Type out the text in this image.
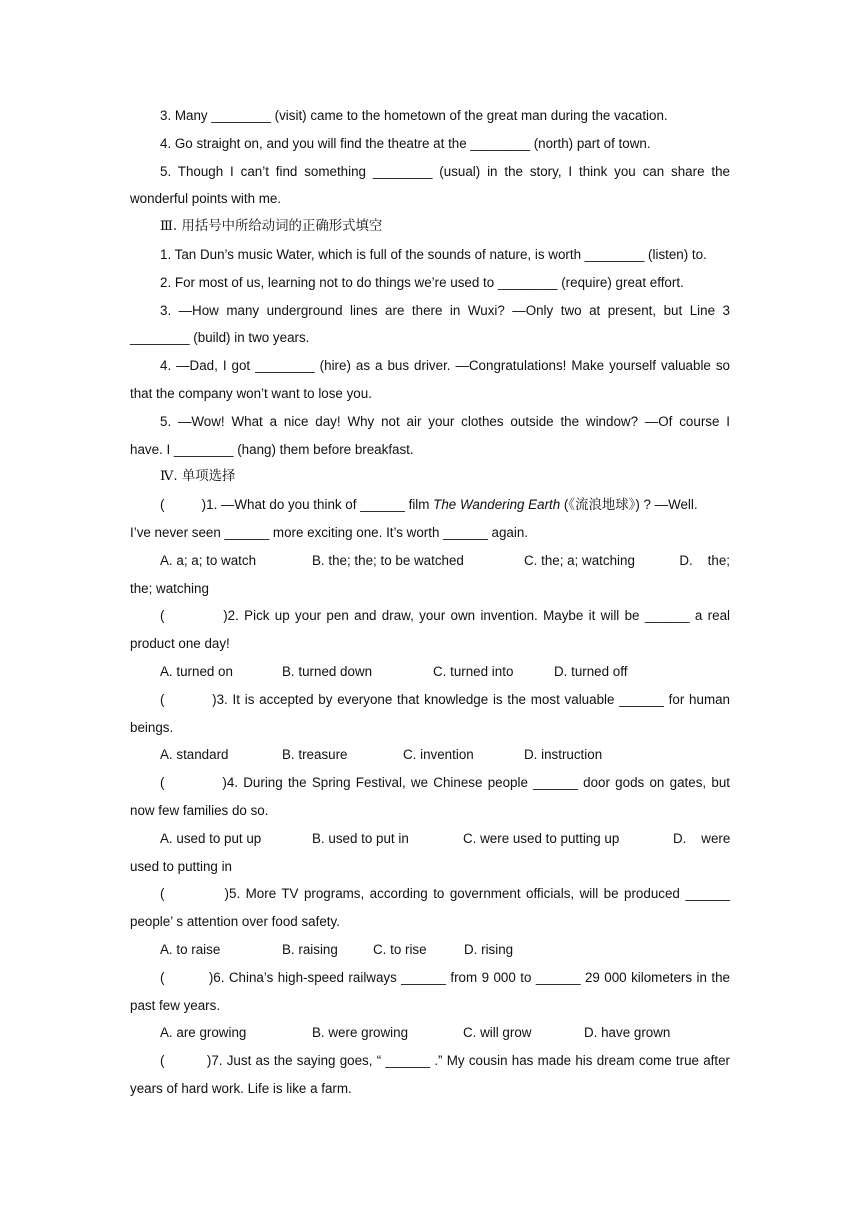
3. Many ________ (visit) came to the hometown of the great man during the vacation.
4. Go straight on, and you will find the theatre at the ________ (north) part of town.
5. Though I can’t find something ________ (usual) in the story, I think you can share the
wonderful points with me.
Ⅲ. 用括号中所给动词的正确形式填空
1. Tan Dun’s music Water, which is full of the sounds of nature, is worth ________ (listen) to.
2. For most of us, learning not to do things we’re used to ________ (require) great effort.
3. —How many underground lines are there in Wuxi? —Only two at present, but Line 3
________ (build) in two years.
4. —Dad, I got ________ (hire) as a bus driver. —Congratulations! Make yourself valuable so
that the company won’t want to lose you.
5. —Wow! What a nice day! Why not air your clothes outside the window? —Of course I
have. I ________ (hang) them before breakfast.
Ⅳ. 单项选择
(          )1. —What do you think of ______ film The Wandering Earth (《流浪地球》) ? —Well.
I’ve never seen ______ more exciting one. It’s worth ______ again.
A. a; a; to watch	B. the; the; to be watched	C. the; a; watching	D.    the;
the; watching
(           )2. Pick up your pen and draw, your own invention. Maybe it will be ______ a real
product one day!
A. turned on	B. turned down	C. turned into	D. turned off
(          )3. It is accepted by everyone that knowledge is the most valuable ______ for human
beings.
A. standard	B. treasure	C. invention	D. instruction
(           )4. During the Spring Festival, we Chinese people ______ door gods on gates, but
now few families do so.
A. used to put up	B. used to put in	C. were used to putting up	D.    were
used to putting in
(           )5. More TV programs, according to government officials, will be produced ______
people’ s attention over food safety.
A. to raise	B. raising	C. to rise	D. rising
(          )6. China’s high-speed railways ______ from 9 000 to ______ 29 000 kilometers in the
past few years.
A. are growing	B. were growing	C. will grow	D. have grown
(          )7. Just as the saying goes, “ ______ .” My cousin has made his dream come true after
years of hard work. Life is like a farm.
